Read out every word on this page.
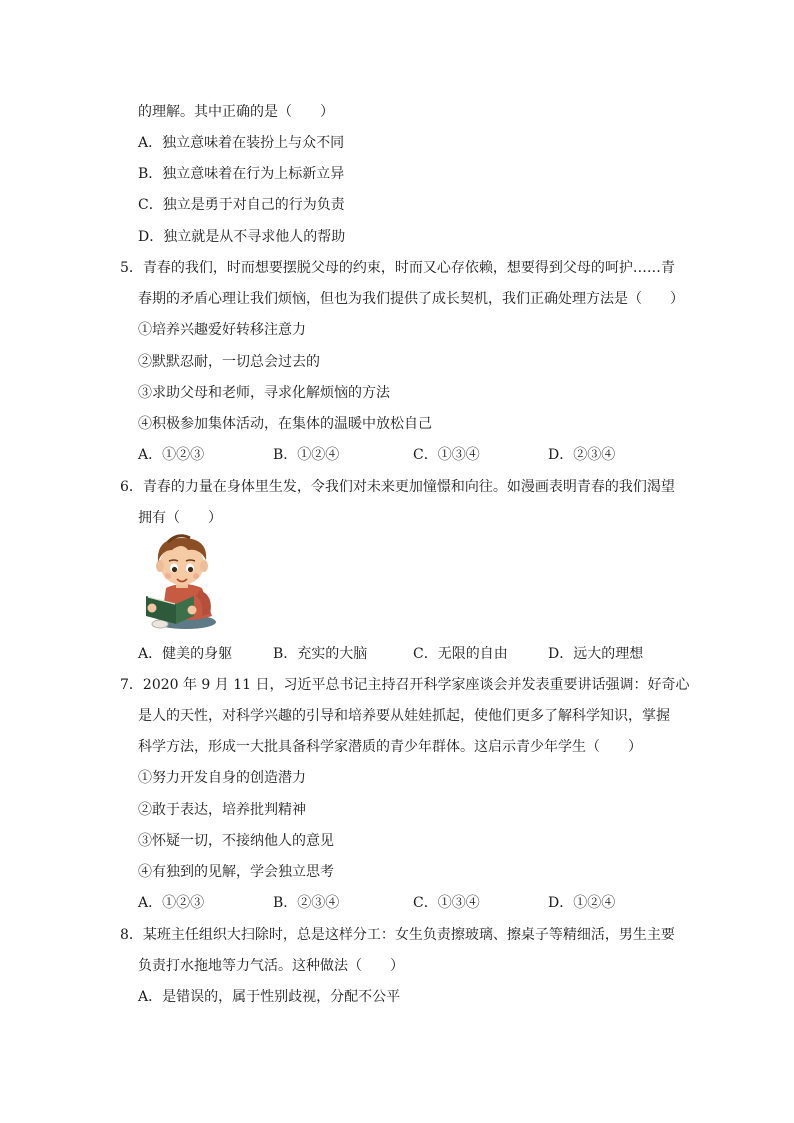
的理解。其中正确的是（　　）
A．独立意味着在装扮上与众不同
B．独立意味着在行为上标新立异
C．独立是勇于对自己的行为负责
D．独立就是从不寻求他人的帮助
5．青春的我们，时而想要摆脱父母的约束，时而又心存依赖，想要得到父母的呵护……青
春期的矛盾心理让我们烦恼，但也为我们提供了成长契机，我们正确处理方法是（　　）
①培养兴趣爱好转移注意力
②默默忍耐，一切总会过去的
③求助父母和老师，寻求化解烦恼的方法
④积极参加集体活动，在集体的温暖中放松自己
A．①②③	B．①②④	C．①③④	D．②③④
6．青春的力量在身体里生发，令我们对未来更加憧憬和向往。如漫画表明青春的我们渴望
拥有（　　）
A．健美的身躯	B．充实的大脑	C．无限的自由	D．远大的理想
7．2020 年 9 月 11 日，习近平总书记主持召开科学家座谈会并发表重要讲话强调：好奇心
是人的天性，对科学兴趣的引导和培养要从娃娃抓起，使他们更多了解科学知识，掌握
科学方法，形成一大批具备科学家潜质的青少年群体。这启示青少年学生（　　）
①努力开发自身的创造潜力
②敢于表达，培养批判精神
③怀疑一切，不接纳他人的意见
④有独到的见解，学会独立思考
A．①②③	B．②③④	C．①③④	D．①②④
8．某班主任组织大扫除时，总是这样分工：女生负责擦玻璃、擦桌子等精细活，男生主要
负责打水拖地等力气活。这种做法（　　）
A．是错误的，属于性别歧视，分配不公平
